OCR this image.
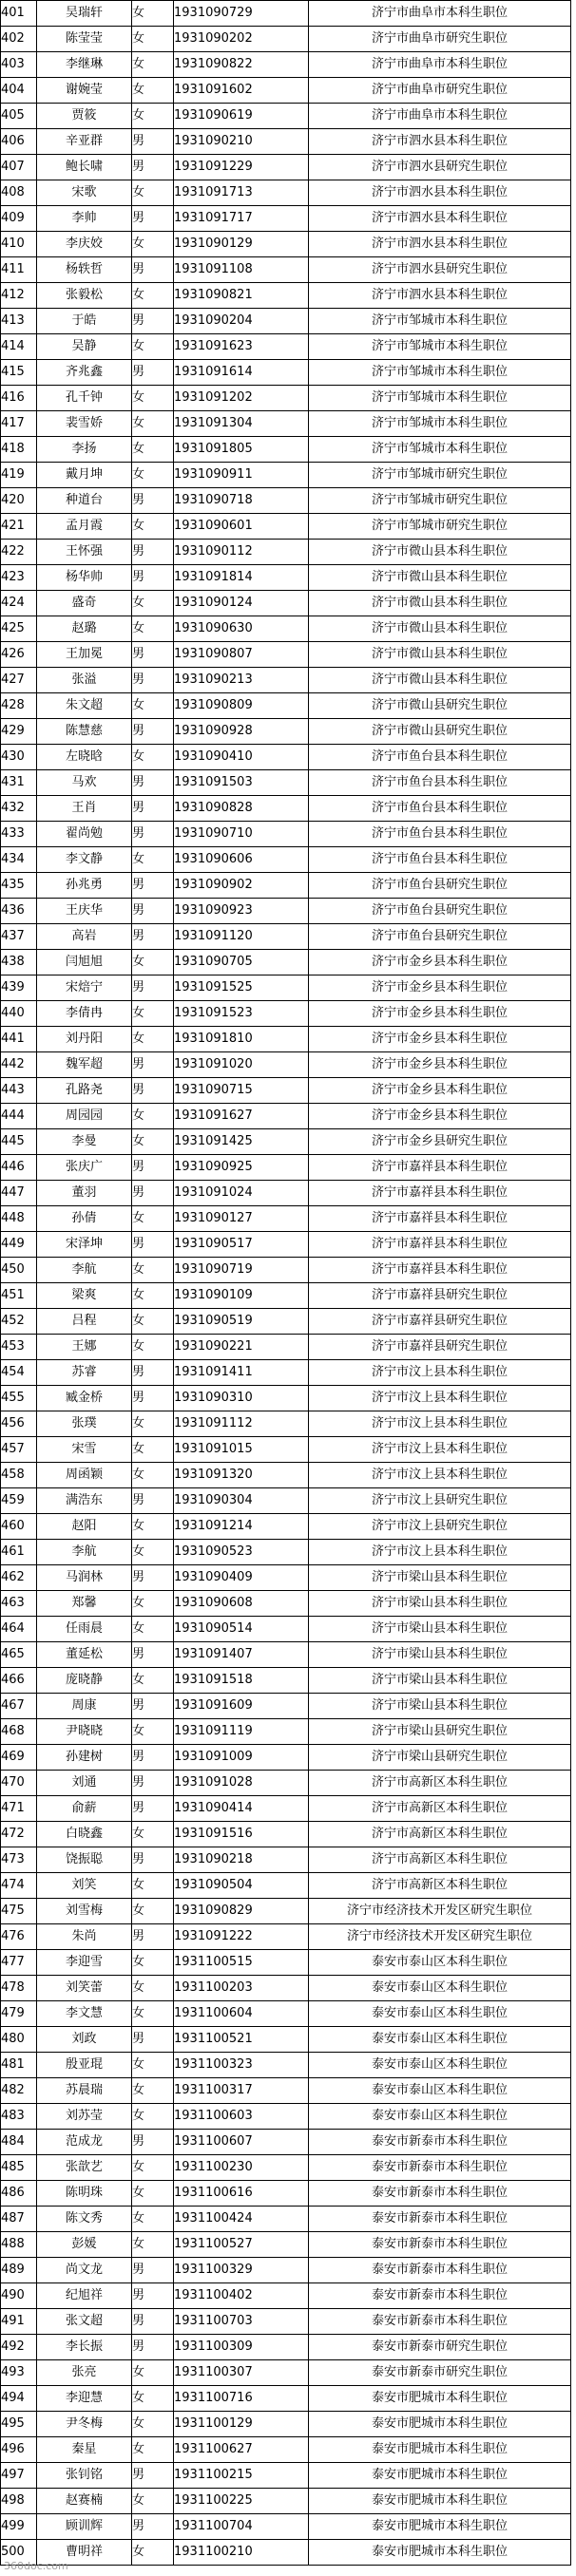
401	吴瑞轩	女	1931090729	济宁市曲阜市本科生职位
402	陈莹莹	女	1931090202	济宁市曲阜市研究生职位
403	李继琳	女	1931090822	济宁市曲阜市本科生职位
404	谢婉莹	女	1931091602	济宁市曲阜市研究生职位
405	贾筱	女	1931090619	济宁市曲阜市本科生职位
406	辛亚群	男	1931090210	济宁市泗水县本科生职位
407	鲍长啸	男	1931091229	济宁市泗水县研究生职位
408	宋歌	女	1931091713	济宁市泗水县本科生职位
409	李帅	男	1931091717	济宁市泗水县本科生职位
410	李庆姣	女	1931090129	济宁市泗水县本科生职位
411	杨轶哲	男	1931091108	济宁市泗水县研究生职位
412	张毅松	女	1931090821	济宁市泗水县本科生职位
413	于皓	男	1931090204	济宁市邹城市本科生职位
414	吴静	女	1931091623	济宁市邹城市本科生职位
415	齐兆鑫	男	1931091614	济宁市邹城市本科生职位
416	孔千钟	女	1931091202	济宁市邹城市本科生职位
417	裴雪娇	女	1931091304	济宁市邹城市本科生职位
418	李扬	女	1931091805	济宁市邹城市本科生职位
419	戴月坤	女	1931090911	济宁市邹城市研究生职位
420	种道台	男	1931090718	济宁市邹城市研究生职位
421	孟月霞	女	1931090601	济宁市邹城市研究生职位
422	王怀强	男	1931090112	济宁市微山县本科生职位
423	杨华帅	男	1931091814	济宁市微山县本科生职位
424	盛奇	女	1931090124	济宁市微山县本科生职位
425	赵璐	女	1931090630	济宁市微山县本科生职位
426	王加冕	男	1931090807	济宁市微山县本科生职位
427	张溢	男	1931090213	济宁市微山县本科生职位
428	朱文超	女	1931090809	济宁市微山县研究生职位
429	陈慧慈	男	1931090928	济宁市微山县研究生职位
430	左晓晗	女	1931090410	济宁市鱼台县本科生职位
431	马欢	男	1931091503	济宁市鱼台县本科生职位
432	王肖	男	1931090828	济宁市鱼台县本科生职位
433	翟尚勉	男	1931090710	济宁市鱼台县本科生职位
434	李文静	女	1931090606	济宁市鱼台县本科生职位
435	孙兆勇	男	1931090902	济宁市鱼台县研究生职位
436	王庆华	男	1931090923	济宁市鱼台县研究生职位
437	高岩	男	1931091120	济宁市鱼台县研究生职位
438	闫旭旭	女	1931090705	济宁市金乡县本科生职位
439	宋焙宁	男	1931091525	济宁市金乡县本科生职位
440	李倩冉	女	1931091523	济宁市金乡县本科生职位
441	刘丹阳	女	1931091810	济宁市金乡县本科生职位
442	魏军超	男	1931091020	济宁市金乡县本科生职位
443	孔路尧	男	1931090715	济宁市金乡县本科生职位
444	周园园	女	1931091627	济宁市金乡县本科生职位
445	李曼	女	1931091425	济宁市金乡县研究生职位
446	张庆广	男	1931090925	济宁市嘉祥县本科生职位
447	董羽	男	1931091024	济宁市嘉祥县本科生职位
448	孙倩	女	1931090127	济宁市嘉祥县本科生职位
449	宋泽坤	男	1931090517	济宁市嘉祥县本科生职位
450	李航	女	1931090719	济宁市嘉祥县本科生职位
451	梁爽	女	1931090109	济宁市嘉祥县研究生职位
452	吕程	女	1931090519	济宁市嘉祥县研究生职位
453	王娜	女	1931090221	济宁市嘉祥县研究生职位
454	苏睿	男	1931091411	济宁市汶上县本科生职位
455	臧金桥	男	1931090310	济宁市汶上县本科生职位
456	张璞	女	1931091112	济宁市汶上县本科生职位
457	宋雪	女	1931091015	济宁市汶上县本科生职位
458	周函颖	女	1931091320	济宁市汶上县本科生职位
459	满浩东	男	1931090304	济宁市汶上县研究生职位
460	赵阳	女	1931091214	济宁市汶上县研究生职位
461	李航	女	1931090523	济宁市汶上县本科生职位
462	马润林	男	1931090409	济宁市梁山县本科生职位
463	郑馨	女	1931090608	济宁市梁山县本科生职位
464	任雨晨	女	1931090514	济宁市梁山县本科生职位
465	董延松	男	1931091407	济宁市梁山县本科生职位
466	庞晓静	女	1931091518	济宁市梁山县本科生职位
467	周康	男	1931091609	济宁市梁山县本科生职位
468	尹晓晓	女	1931091119	济宁市梁山县研究生职位
469	孙建树	男	1931091009	济宁市梁山县研究生职位
470	刘通	男	1931091028	济宁市高新区本科生职位
471	俞薪	男	1931090414	济宁市高新区本科生职位
472	白晓鑫	女	1931091516	济宁市高新区本科生职位
473	饶振聪	男	1931090218	济宁市高新区本科生职位
474	刘笑	女	1931090504	济宁市高新区本科生职位
475	刘雪梅	女	1931090829	济宁市经济技术开发区研究生职位
476	朱尚	男	1931091222	济宁市经济技术开发区研究生职位
477	李迎雪	女	1931100515	泰安市泰山区本科生职位
478	刘笑蕾	女	1931100203	泰安市泰山区本科生职位
479	李文慧	女	1931100604	泰安市泰山区本科生职位
480	刘政	男	1931100521	泰安市泰山区本科生职位
481	殷亚琨	女	1931100323	泰安市泰山区本科生职位
482	苏晨瑞	女	1931100317	泰安市泰山区本科生职位
483	刘苏莹	女	1931100603	泰安市泰山区本科生职位
484	范成龙	男	1931100607	泰安市新泰市本科生职位
485	张歆艺	女	1931100230	泰安市新泰市本科生职位
486	陈明珠	女	1931100616	泰安市新泰市本科生职位
487	陈文秀	女	1931100424	泰安市新泰市本科生职位
488	彭媛	女	1931100527	泰安市新泰市本科生职位
489	尚文龙	男	1931100329	泰安市新泰市本科生职位
490	纪旭祥	男	1931100402	泰安市新泰市本科生职位
491	张文超	男	1931100703	泰安市新泰市本科生职位
492	李长振	男	1931100309	泰安市新泰市研究生职位
493	张亮	女	1931100307	泰安市新泰市研究生职位
494	李迎慧	女	1931100716	泰安市肥城市本科生职位
495	尹冬梅	女	1931100129	泰安市肥城市本科生职位
496	秦星	女	1931100627	泰安市肥城市本科生职位
497	张钊铭	男	1931100215	泰安市肥城市本科生职位
498	赵赛楠	女	1931100225	泰安市肥城市本科生职位
499	顾训辉	男	1931100704	泰安市肥城市本科生职位
500	曹明祥	女	1931100210	泰安市肥城市本科生职位
360doc.com
